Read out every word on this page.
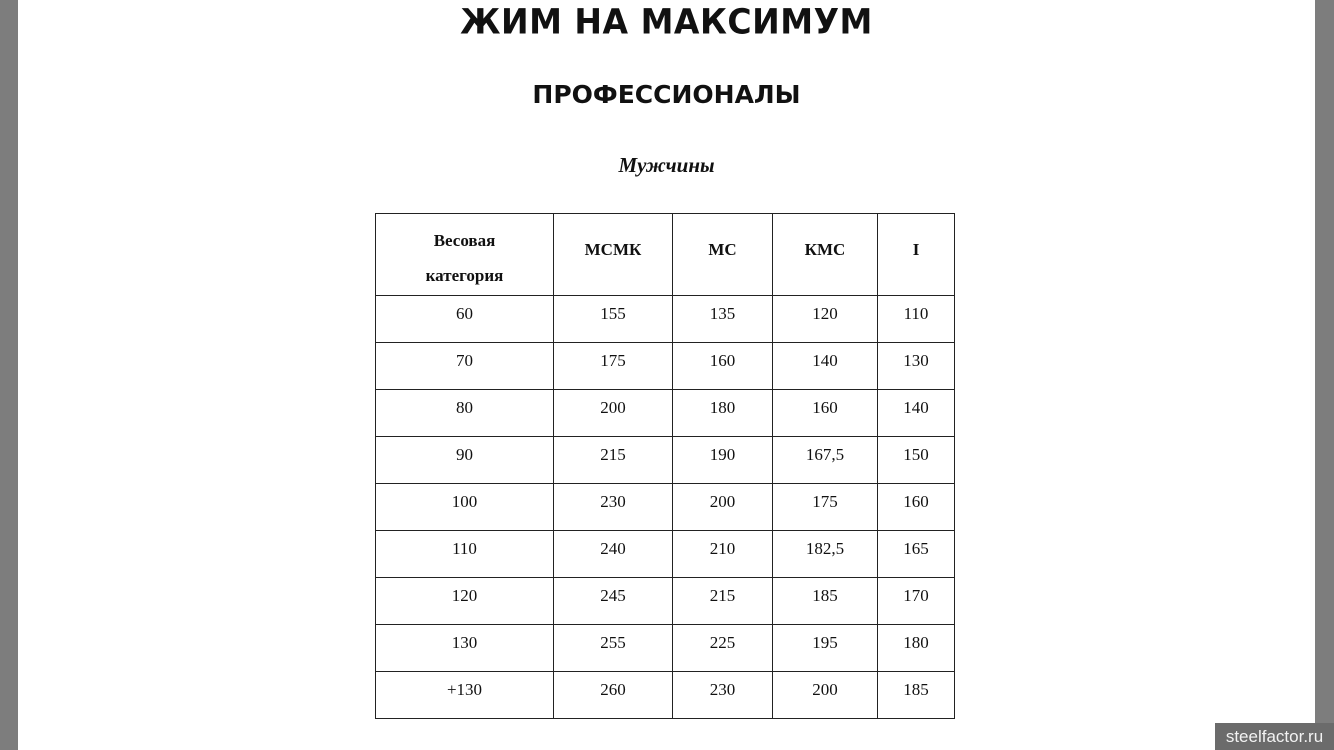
ЖИМ НА МАКСИМУМ
ПРОФЕССИОНАЛЫ
Мужчины
Весовая категория	МСМК	МС	КМС	I
60	155	135	120	110
70	175	160	140	130
80	200	180	160	140
90	215	190	167,5	150
100	230	200	175	160
110	240	210	182,5	165
120	245	215	185	170
130	255	225	195	180
+130	260	230	200	185
steelfactor.ru
